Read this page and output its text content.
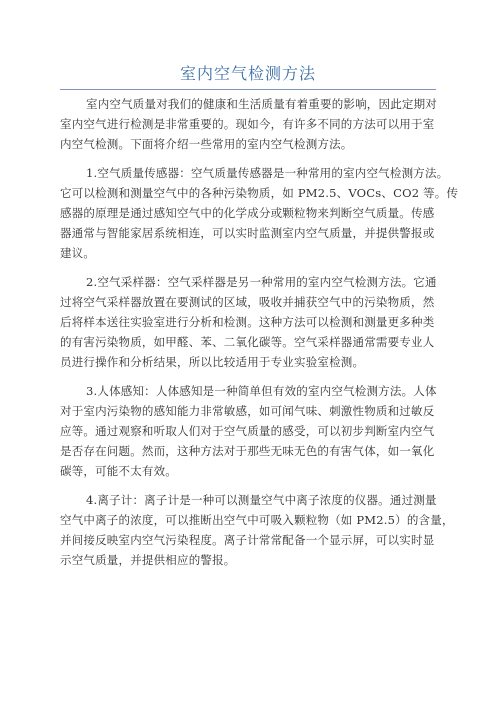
室内空气检测方法
室内空气质量对我们的健康和生活质量有着重要的影响，因此定期对
室内空气进行检测是非常重要的。现如今，有许多不同的方法可以用于室
内空气检测。下面将介绍一些常用的室内空气检测方法。
1.空气质量传感器：空气质量传感器是一种常用的室内空气检测方法。
它可以检测和测量空气中的各种污染物质，如 PM2.5、VOCs、CO2 等。传
感器的原理是通过感知空气中的化学成分或颗粒物来判断空气质量。传感
器通常与智能家居系统相连，可以实时监测室内空气质量，并提供警报或
建议。
2.空气采样器：空气采样器是另一种常用的室内空气检测方法。它通
过将空气采样器放置在要测试的区域，吸收并捕获空气中的污染物质，然
后将样本送往实验室进行分析和检测。这种方法可以检测和测量更多种类
的有害污染物质，如甲醛、苯、二氧化碳等。空气采样器通常需要专业人
员进行操作和分析结果，所以比较适用于专业实验室检测。
3.人体感知：人体感知是一种简单但有效的室内空气检测方法。人体
对于室内污染物的感知能力非常敏感，如可闻气味、刺激性物质和过敏反
应等。通过观察和听取人们对于空气质量的感受，可以初步判断室内空气
是否存在问题。然而，这种方法对于那些无味无色的有害气体，如一氧化
碳等，可能不太有效。
4.离子计：离子计是一种可以测量空气中离子浓度的仪器。通过测量
空气中离子的浓度，可以推断出空气中可吸入颗粒物（如 PM2.5）的含量，
并间接反映室内空气污染程度。离子计常常配备一个显示屏，可以实时显
示空气质量，并提供相应的警报。
